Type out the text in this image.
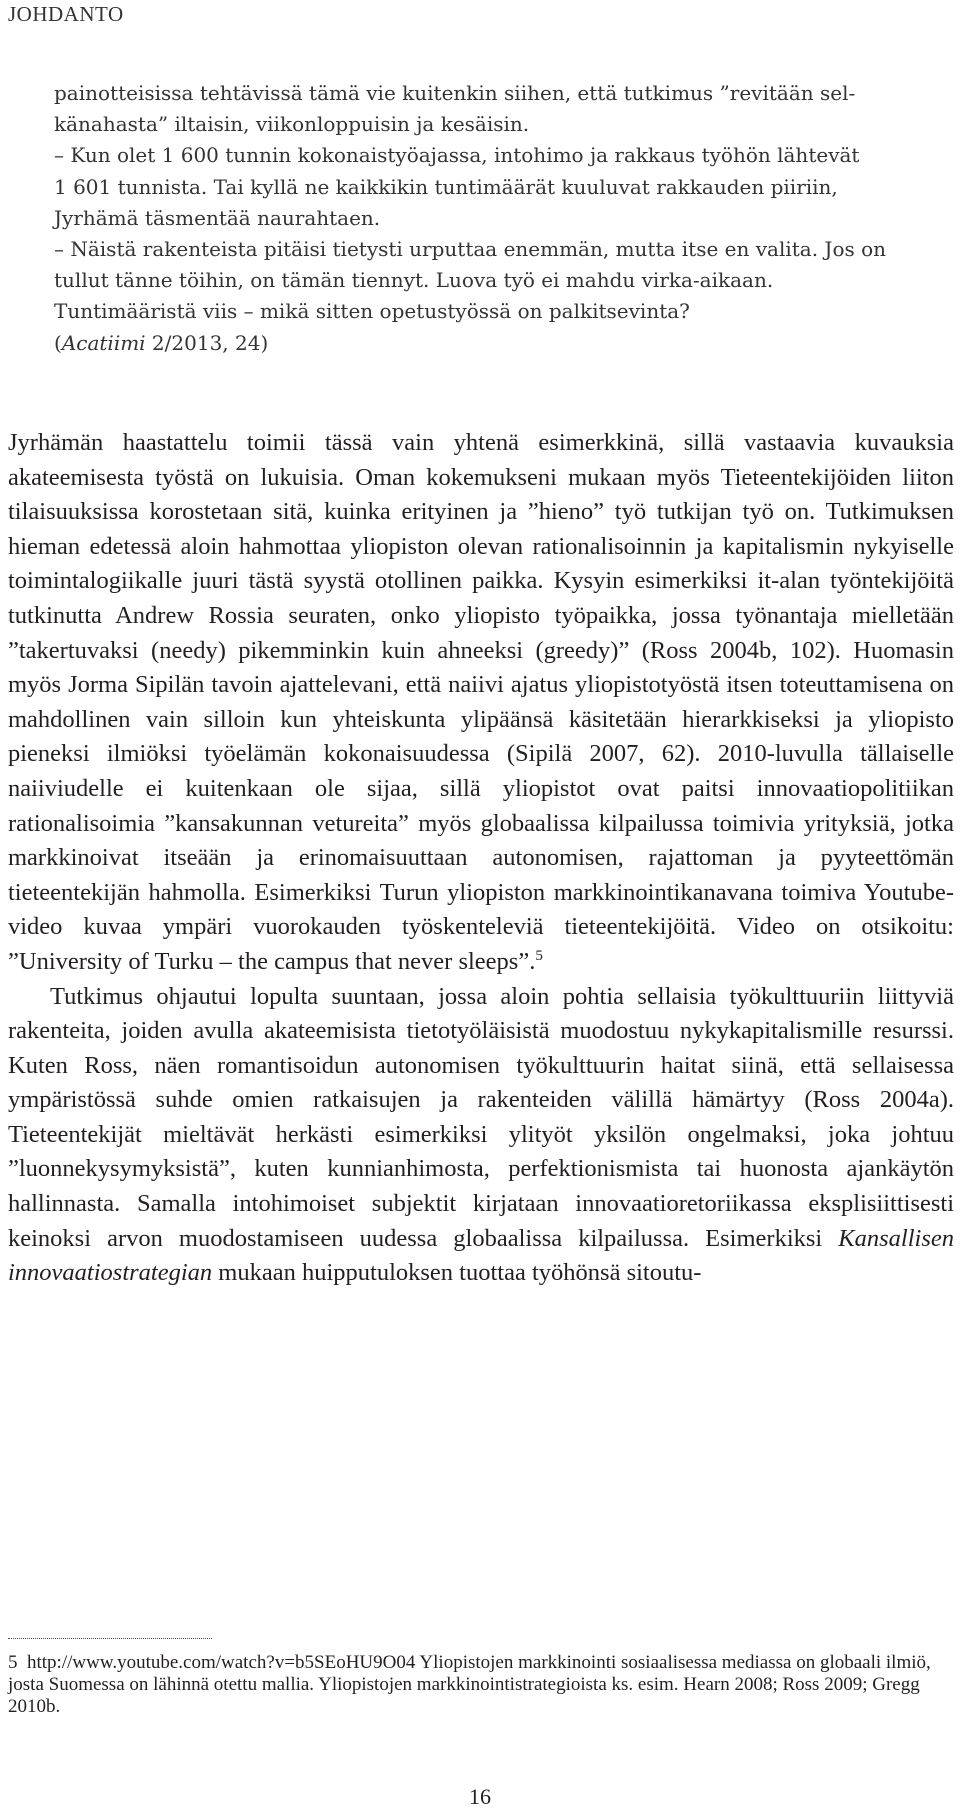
JOHDANTO

painotteisissa tehtävissä tämä vie kuitenkin siihen, että tutkimus ”revitään sel-

känahasta” iltaisin, viikonloppuisin ja kesäisin.

– Kun olet 1 600 tunnin kokonaistyöajassa, intohimo ja rakkaus työhön lähtevät

1 601 tunnista. Tai kyllä ne kaikkikin tuntimäärät kuuluvat rakkauden piiriin,

Jyrhämä täsmentää naurahtaen.

– Näistä rakenteista pitäisi tietysti urputtaa enemmän, mutta itse en valita. Jos on

tullut tänne töihin, on tämän tiennyt. Luova työ ei mahdu virka-aikaan.

Tuntimääristä viis – mikä sitten opetustyössä on palkitsevinta?

(Acatiimi 2/2013, 24)

Jyrhämän haastattelu toimii tässä vain yhtenä esimerkkinä, sillä vastaavia kuvauksia akateemisesta työstä on lukuisia. Oman kokemukseni mukaan myös Tieteentekijöiden liiton tilaisuuksissa korostetaan sitä, kuinka erityinen ja ”hieno” työ tutkijan työ on. Tutkimuksen hieman edetessä aloin hahmottaa yliopiston olevan rationalisoinnin ja kapitalismin nykyiselle toimintalogiikalle juuri tästä syystä otollinen paikka. Kysyin esimerkiksi it-alan työntekijöitä tutkinutta Andrew Rossia seuraten, onko yliopisto työpaikka, jossa työnantaja mielletään ”takertuvaksi (needy) pikemminkin kuin ahneeksi (greedy)” (Ross 2004b, 102). Huomasin myös Jorma Sipilän tavoin ajattelevani, että naiivi ajatus yliopistotyöstä itsen toteuttamisena on mahdollinen vain silloin kun yhteiskunta ylipäänsä käsitetään hierarkkiseksi ja yliopisto pieneksi ilmiöksi työelämän kokonaisuudessa (Sipilä 2007, 62). 2010-luvulla tällaiselle naiiviudelle ei kuitenkaan ole sijaa, sillä yliopistot ovat paitsi innovaatiopolitiikan rationalisoimia ”kansakunnan vetureita” myös globaalissa kilpailussa toimivia yrityksiä, jotka markkinoivat itseään ja erinomaisuuttaan autonomisen, rajattoman ja pyyteettömän tieteentekijän hahmolla. Esimerkiksi Turun yliopiston markkinointikanavana toimiva Youtube-video kuvaa ympäri vuorokauden työskenteleviä tieteentekijöitä. Video on otsikoitu: ”University of Turku – the campus that never sleeps”.$^5$

Tutkimus ohjautui lopulta suuntaan, jossa aloin pohtia sellaisia työkulttuuriin liittyviä rakenteita, joiden avulla akateemisista tietotyöläisistä muodostuu nykykapitalismille resurssi. Kuten Ross, näen romantisoidun autonomisen työkulttuurin haitat siinä, että sellaisessa ympäristössä suhde omien ratkaisujen ja rakenteiden välillä hämärtyy (Ross 2004a). Tieteentekijät mieltävät herkästi esimerkiksi ylityöt yksilön ongelmaksi, joka johtuu ”luonnekysymyksistä”, kuten kunnianhimosta, perfektionismista tai huonosta ajankäytön hallinnasta. Samalla intohimoiset subjektit kirjataan innovaatioretoriikassa eksplisiittisesti keinoksi arvon muodostamiseen uudessa globaalissa kilpailussa. Esimerkiksi Kansallisen innovaatiostrategian mukaan huipputuloksen tuottaa työhönsä sitoutu-

5 http://www.youtube.com/watch?v=b5SEoHU9O04 Yliopistojen markkinointi sosiaalisessa mediassa on globaali ilmiö, josta Suomessa on lähinnä otettu mallia. Yliopistojen markkinointistrategioista ks. esim. Hearn 2008; Ross 2009; Gregg 2010b.
16
